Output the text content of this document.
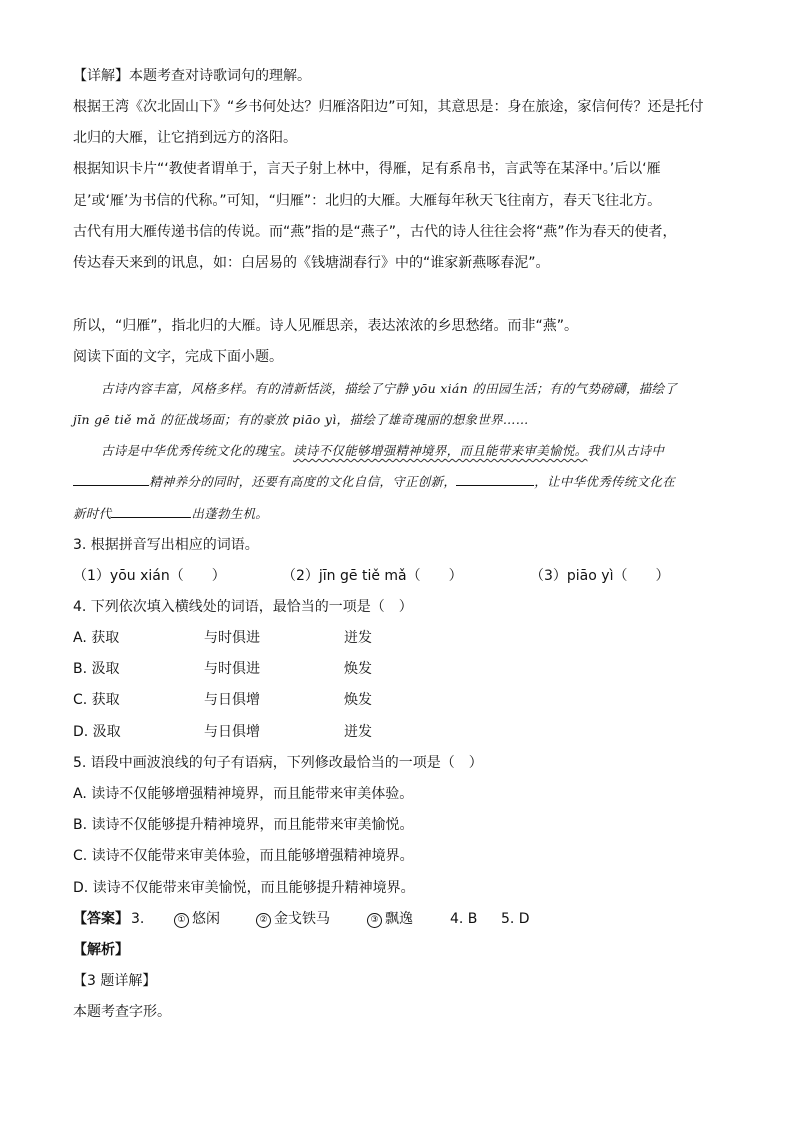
【详解】本题考查对诗歌词句的理解。
根据王湾《次北固山下》“乡书何处达？归雁洛阳边”可知，其意思是：身在旅途，家信何传？还是托付
北归的大雁，让它捎到远方的洛阳。
根据知识卡片“‘教使者谓单于，言天子射上林中，得雁，足有系帛书，言武等在某泽中。’后以‘雁
足’或‘雁’为书信的代称。”可知，“归雁”：北归的大雁。大雁每年秋天飞往南方，春天飞往北方。
古代有用大雁传递书信的传说。而“燕”指的是“燕子”，古代的诗人往往会将“燕”作为春天的使者，
传达春天来到的讯息，如：白居易的《钱塘湖春行》中的“谁家新燕啄春泥”。
所以，“归雁”，指北归的大雁。诗人见雁思亲，表达浓浓的乡思愁绪。而非“燕”。
阅读下面的文字，完成下面小题。
古诗内容丰富，风格多样。有的清新恬淡，描绘了宁静 yōu xián 的田园生活；有的气势磅礴，描绘了
jīn gē tiě mǎ 的征战场面；有的豪放 piāo yì，描绘了雄奇瑰丽的想象世界……
古诗是中华优秀传统文化的瑰宝。读诗不仅能够增强精神境界，而且能带来审美愉悦。我们从古诗中
精神养分的同时，还要有高度的文化自信，守正创新，	，让中华优秀传统文化在
新时代	出蓬勃生机。
3. 根据拼音写出相应的词语。
（1）yōu xián（　　）	（2）jīn gē tiě mǎ（　　）	（3）piāo yì（　　）
4. 下列依次填入横线处的词语，最恰当的一项是（　）
A. 获取	与时俱进	迸发
B. 汲取	与时俱进	焕发
C. 获取	与日俱增	焕发
D. 汲取	与日俱增	迸发
5. 语段中画波浪线的句子有语病，下列修改最恰当的一项是（　）
A. 读诗不仅能够增强精神境界，而且能带来审美体验。
B. 读诗不仅能够提升精神境界，而且能带来审美愉悦。
C. 读诗不仅能带来审美体验，而且能够增强精神境界。
D. 读诗不仅能带来审美愉悦，而且能够提升精神境界。
【答案】 3.	① 悠闲	② 金戈铁马	③ 飘逸	4. B 5. D
【解析】
【3 题详解】
本题考查字形。
